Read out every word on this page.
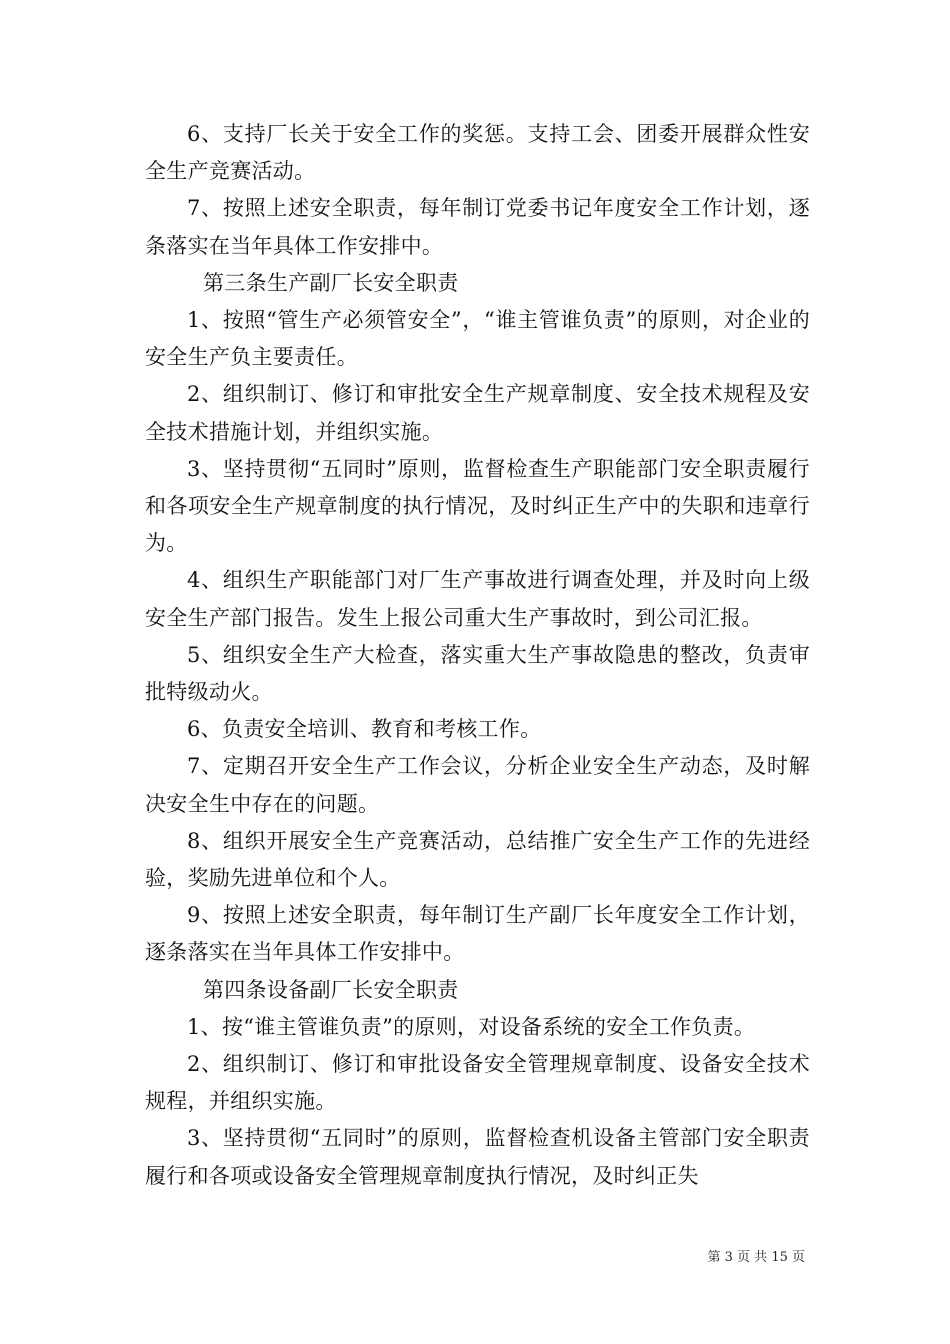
6、支持厂长关于安全工作的奖惩。支持工会、团委开展群众性安全生产竞赛活动。

7、按照上述安全职责，每年制订党委书记年度安全工作计划，逐条落实在当年具体工作安排中。

第三条生产副厂长安全职责

1、按照“管生产必须管安全”，“谁主管谁负责”的原则，对企业的安全生产负主要责任。

2、组织制订、修订和审批安全生产规章制度、安全技术规程及安全技术措施计划，并组织实施。

3、坚持贯彻“五同时”原则，监督检查生产职能部门安全职责履行和各项安全生产规章制度的执行情况，及时纠正生产中的失职和违章行为。

4、组织生产职能部门对厂生产事故进行调查处理，并及时向上级安全生产部门报告。发生上报公司重大生产事故时，到公司汇报。

5、组织安全生产大检查，落实重大生产事故隐患的整改，负责审批特级动火。

6、负责安全培训、教育和考核工作。

7、定期召开安全生产工作会议，分析企业安全生产动态，及时解决安全生中存在的问题。

8、组织开展安全生产竞赛活动，总结推广安全生产工作的先进经验，奖励先进单位和个人。

9、按照上述安全职责，每年制订生产副厂长年度安全工作计划，逐条落实在当年具体工作安排中。

第四条设备副厂长安全职责

1、按“谁主管谁负责”的原则，对设备系统的安全工作负责。

2、组织制订、修订和审批设备安全管理规章制度、设备安全技术规程，并组织实施。

3、坚持贯彻“五同时”的原则，监督检查机设备主管部门安全职责履行和各项或设备安全管理规章制度执行情况，及时纠正失

第 3 页 共 15 页
